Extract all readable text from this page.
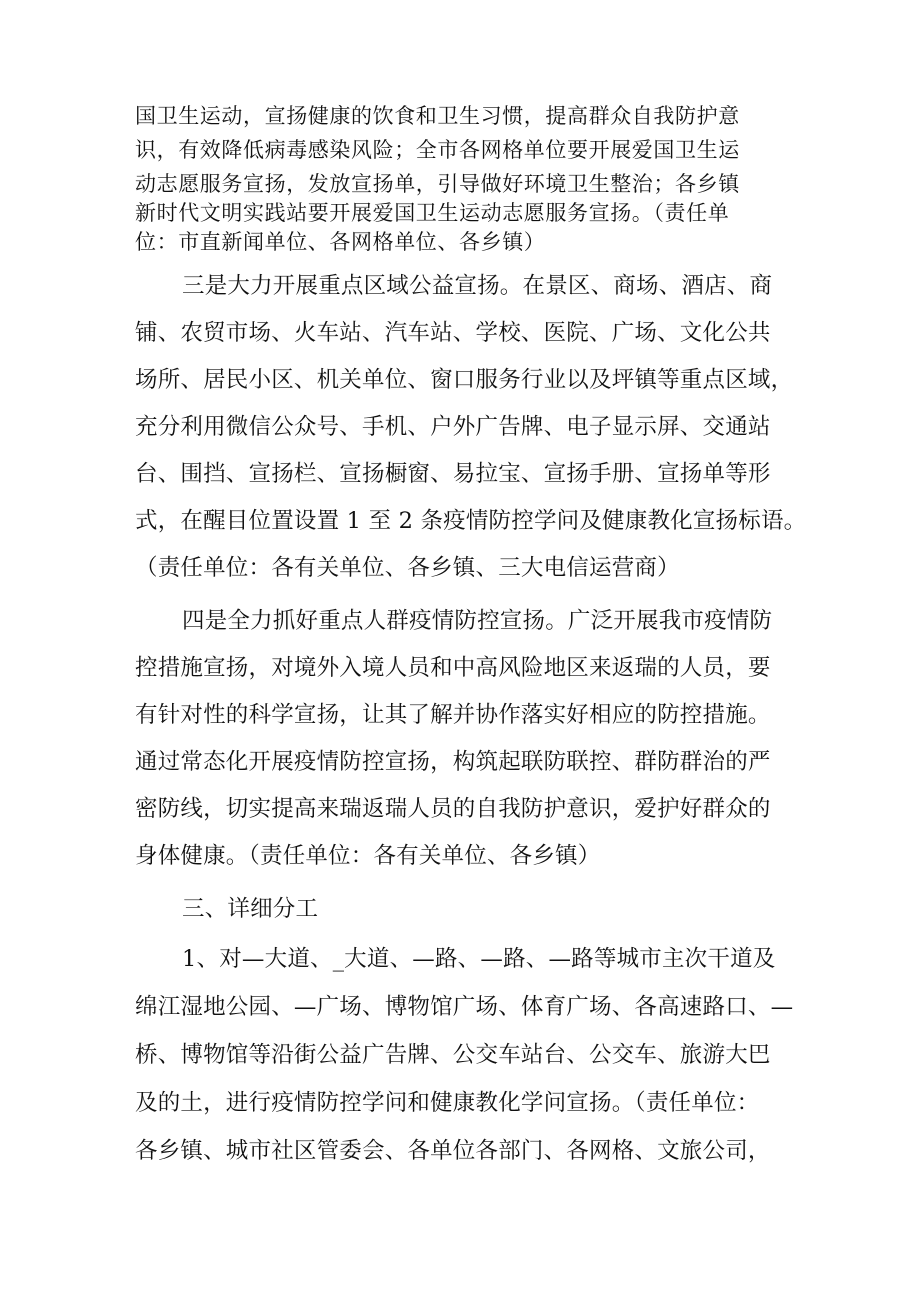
国卫生运动，宣扬健康的饮食和卫生习惯，提高群众自我防护意
识，有效降低病毒感染风险；全市各网格单位要开展爱国卫生运
动志愿服务宣扬，发放宣扬单，引导做好环境卫生整治；各乡镇
新时代文明实践站要开展爱国卫生运动志愿服务宣扬。（责任单
位：市直新闻单位、各网格单位、各乡镇）
三是大力开展重点区域公益宣扬。在景区、商场、酒店、商
铺、农贸市场、火车站、汽车站、学校、医院、广场、文化公共
场所、居民小区、机关单位、窗口服务行业以及坪镇等重点区域，
充分利用微信公众号、手机、户外广告牌、电子显示屏、交通站
台、围挡、宣扬栏、宣扬橱窗、易拉宝、宣扬手册、宣扬单等形
式，在醒目位置设置 1 至 2 条疫情防控学问及健康教化宣扬标语。
（责任单位：各有关单位、各乡镇、三大电信运营商）
四是全力抓好重点人群疫情防控宣扬。广泛开展我市疫情防
控措施宣扬，对境外入境人员和中高风险地区来返瑞的人员，要
有针对性的科学宣扬，让其了解并协作落实好相应的防控措施。
通过常态化开展疫情防控宣扬，构筑起联防联控、群防群治的严
密防线，切实提高来瑞返瑞人员的自我防护意识，爱护好群众的
身体健康。（责任单位：各有关单位、各乡镇）
三、详细分工
1、对—大道、_大道、—路、—路、—路等城市主次干道及
绵江湿地公园、—广场、博物馆广场、体育广场、各高速路口、—
桥、博物馆等沿街公益广告牌、公交车站台、公交车、旅游大巴
及的土，进行疫情防控学问和健康教化学问宣扬。（责任单位：
各乡镇、城市社区管委会、各单位各部门、各网格、文旅公司，
